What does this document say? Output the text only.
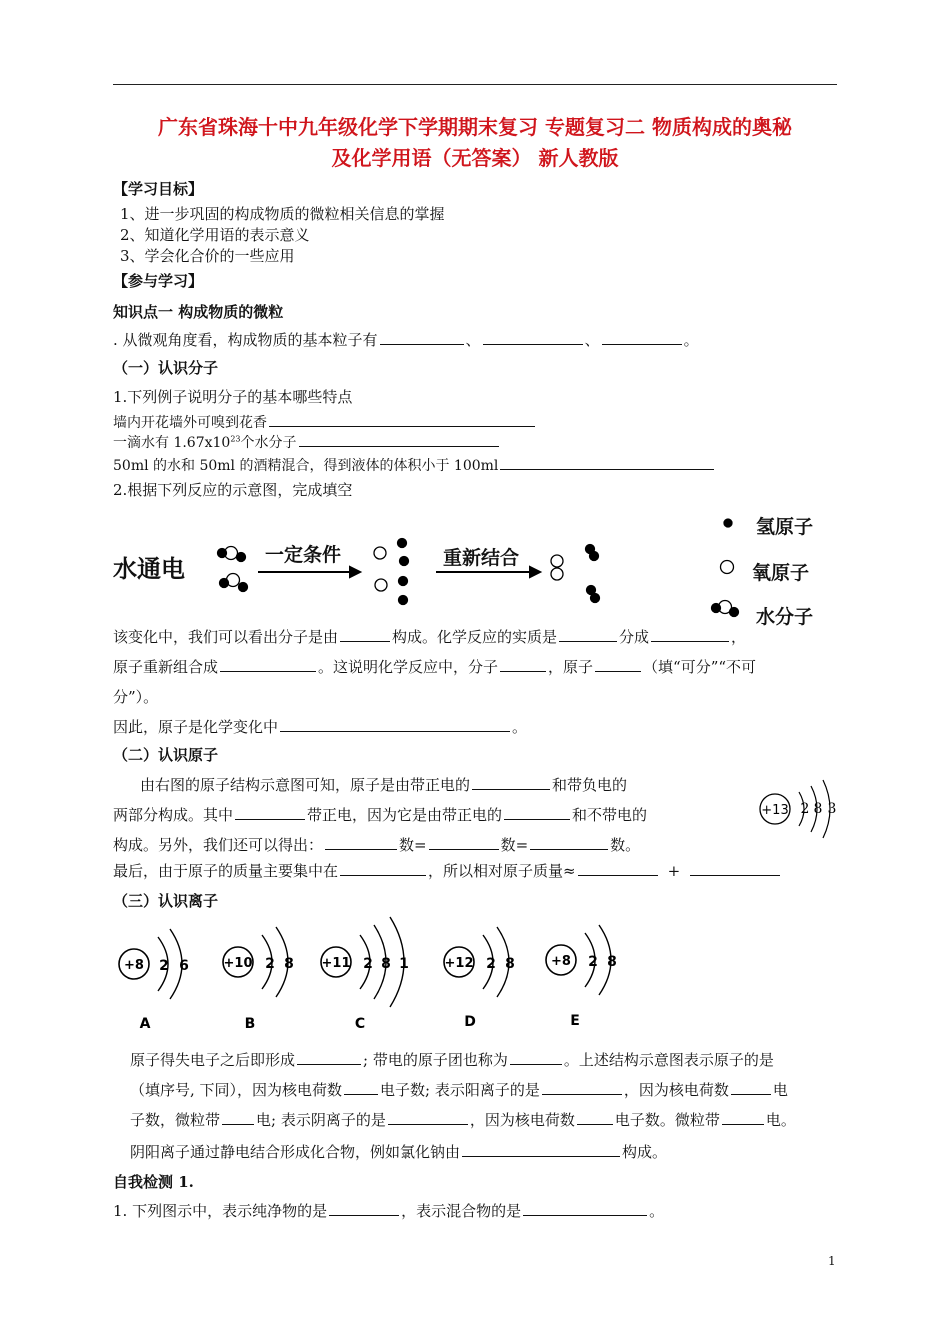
广东省珠海十中九年级化学下学期期末复习 专题复习二 物质构成的奥秘
及化学用语（无答案） 新人教版
【学习目标】
1、进一步巩固的构成物质的微粒相关信息的掌握
2、知道化学用语的表示意义
3、学会化合价的一些应用
【参与学习】
知识点一 构成物质的微粒
. 从微观角度看，构成物质的基本粒子有	、	、	。
（一）认识分子
1.下列例子说明分子的基本哪些特点
墙内开花墙外可嗅到花香
一滴水有 $1.67x10^{23}$个水分子
50ml 的水和 50ml 的酒精混合，得到液体的体积小于 100ml
2.根据下列反应的示意图，完成填空
水通电	一定条件	重新结合
氢原子
氧原子
水分子
该变化中，我们可以看出分子是由	构成。化学反应的实质是	分成	，
原子重新组合成	。这说明化学反应中，分子	，原子	（填“可分”“不可
分”）。
因此，原子是化学变化中	。
（二）认识原子
由右图的原子结构示意图可知，原子是由带正电的	和带负电的
两部分构成。其中	带正电，因为它是由带正电的	和不带电的
构成。另外，我们还可以得出：	数=	数=	数。
最后，由于原子的质量主要集中在	，所以相对原子质量≈	+
+13 2 8 3
（三）认识离子
+8 2 6
A
+10 2 8
B
+11 2 8 1
C
+12 2 8
D
+8 2 8
E
原子得失电子之后即形成	; 带电的原子团也称为	。上述结构示意图表示原子的是
（填序号, 下同），因为核电荷数	电子数; 表示阳离子的是	，因为核电荷数	电
子数，微粒带 电; 表示阴离子的是	，因为核电荷数	电子数。微粒带	电。
阴阳离子通过静电结合形成化合物，例如氯化钠由	构成。
自我检测 1.
1. 下列图示中，表示纯净物的是	，表示混合物的是	。
1
